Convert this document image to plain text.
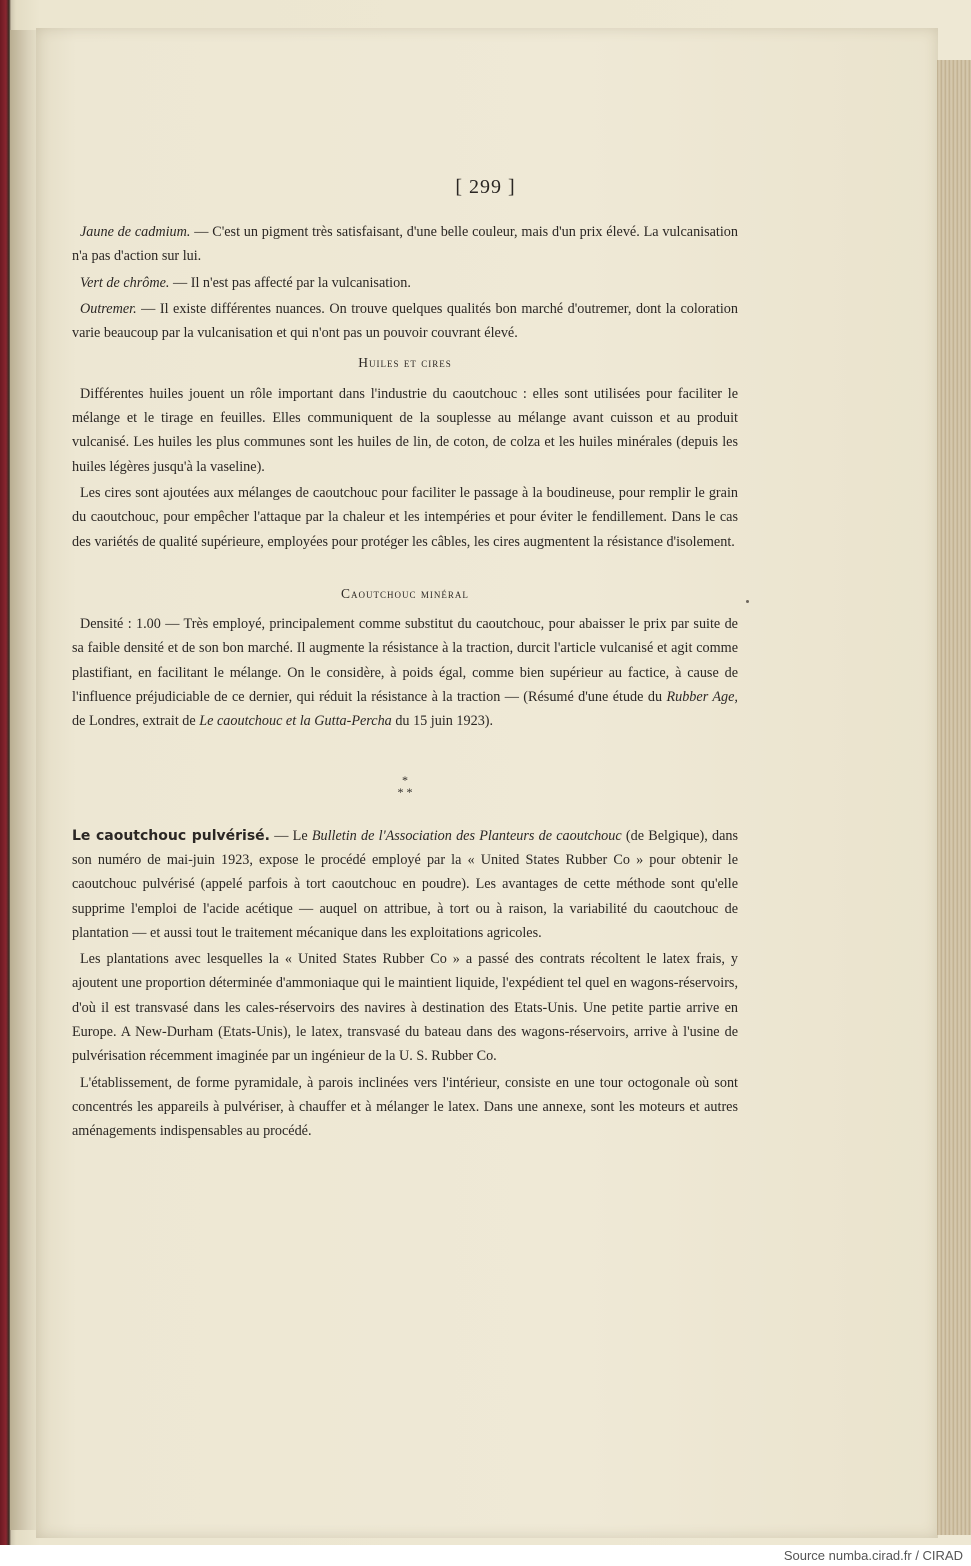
[ 299 ]

Jaune de cadmium. — C'est un pigment très satisfaisant, d'une belle couleur, mais d'un prix élevé. La vulcanisation n'a pas d'action sur lui.

Vert de chrôme. — Il n'est pas affecté par la vulcanisation.

Outremer. — Il existe différentes nuances. On trouve quelques qualités bon marché d'outremer, dont la coloration varie beaucoup par la vulcanisation et qui n'ont pas un pouvoir couvrant élevé.

Huiles et cires

Différentes huiles jouent un rôle important dans l'industrie du caoutchouc : elles sont utilisées pour faciliter le mélange et le tirage en feuilles. Elles communiquent de la souplesse au mélange avant cuisson et au produit vulcanisé. Les huiles les plus communes sont les huiles de lin, de coton, de colza et les huiles minérales (depuis les huiles légères jusqu'à la vaseline).

Les cires sont ajoutées aux mélanges de caoutchouc pour faciliter le passage à la boudineuse, pour remplir le grain du caoutchouc, pour empêcher l'attaque par la chaleur et les intempéries et pour éviter le fendillement. Dans le cas des variétés de qualité supérieure, employées pour protéger les câbles, les cires augmentent la résistance d'isolement.

Caoutchouc minéral

Densité : 1.00 — Très employé, principalement comme substitut du caoutchouc, pour abaisser le prix par suite de sa faible densité et de son bon marché. Il augmente la résistance à la traction, durcit l'article vulcanisé et agit comme plastifiant, en facilitant le mélange. On le considère, à poids égal, comme bien supérieur au factice, à cause de l'influence préjudiciable de ce dernier, qui réduit la résistance à la traction — (Résumé d'une étude du Rubber Age, de Londres, extrait de Le caoutchouc et la Gutta-Percha du 15 juin 1923).

*
* *

Le caoutchouc pulvérisé. — Le Bulletin de l'Association des Planteurs de caoutchouc (de Belgique), dans son numéro de mai-juin 1923, expose le procédé employé par la « United States Rubber Co » pour obtenir le caoutchouc pulvérisé (appelé parfois à tort caoutchouc en poudre). Les avantages de cette méthode sont qu'elle supprime l'emploi de l'acide acétique — auquel on attribue, à tort ou à raison, la variabilité du caoutchouc de plantation — et aussi tout le traitement mécanique dans les exploitations agricoles.

Les plantations avec lesquelles la « United States Rubber Co » a passé des contrats récoltent le latex frais, y ajoutent une proportion déterminée d'ammoniaque qui le maintient liquide, l'expédient tel quel en wagons-réservoirs, d'où il est transvasé dans les cales-réservoirs des navires à destination des Etats-Unis. Une petite partie arrive en Europe. A New-Durham (Etats-Unis), le latex, transvasé du bateau dans des wagons-réservoirs, arrive à l'usine de pulvérisation récemment imaginée par un ingénieur de la U. S. Rubber Co.

L'établissement, de forme pyramidale, à parois inclinées vers l'intérieur, consiste en une tour octogonale où sont concentrés les appareils à pulvériser, à chauffer et à mélanger le latex. Dans une annexe, sont les moteurs et autres aménagements indispensables au procédé.

Source numba.cirad.fr / CIRAD
